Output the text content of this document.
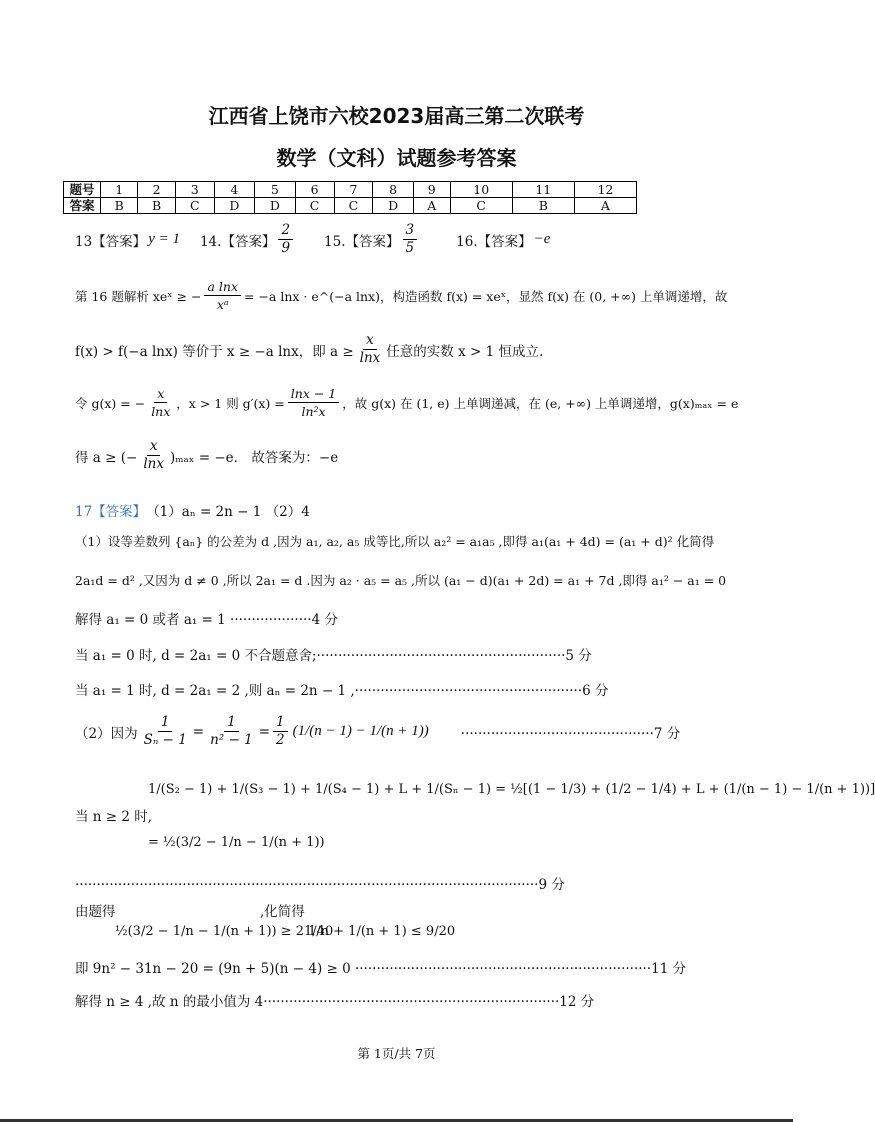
江西省上饶市六校2023届高三第二次联考
数学（文科）试题参考答案
题号	1	2	3	4	5	6	7	8	9	10	11	12
答案	B	B	C	D	D	C	C	D	A	C	B	A
13【答案】 y = 1 14.【答案】 $\frac{2}{9} 15$.【答案】 $\frac{3}{5}$	16.【答案】 −e
第 16 题解析 xeˣ ≥ − $\frac{\text{a lnx}}{\text{xᵃ}} = -a$ lnx · e^(−a lnx)，构造函数 f(x) = xeˣ，显然 f(x) 在 (0, +∞) 上单调递增，故
f(x) > f(−a lnx) 等价于 x ≥ −a lnx，即 $a \ge \frac{x}{\ln x}$ 任意的实数 x > 1 恒成立.
令 g(x) = − $\frac{x}{\ln x}$ ，x > 1 则 $g'(x) = \frac{\ln x - 1}{\text{ln²x}}$ ，故 g(x) 在 (1, e) 上单调递减，在 (e, +∞) 上单调递增，g(x)ₘₐₓ = e
得 a ≥ (− $\frac{x}{\ln x} )_{max} = -e$． 故答案为：−e
17【答案】 （1）aₙ = 2n − 1 （2）4
（1）设等差数列 {aₙ} 的公差为 d ,因为 a₁, a₂, a₅ 成等比,所以 a₂² = a₁a₅ ,即得 a₁(a₁ + 4d) = (a₁ + d)² 化简得
2a₁d = d² ,又因为 d ≠ 0 ,所以 2a₁ = d .因为 a₂ · a₅ = a₅ ,所以 (a₁ − d)(a₁ + 2d) = a₁ + 7d ,即得 a₁² − a₁ = 0
解得 a₁ = 0 或者 a₁ = 1 ···················4 分
当 a₁ = 0 时, d = 2a₁ = 0 不合题意舍;··························································5 分
当 a₁ = 1 时, d = 2a₁ = 2 ,则 aₙ = 2n − 1 ,·····················································6 分
（2）因为 $\frac{1}{\text{Sₙ − 1}} = \frac{1}{\text{n² − 1}} = \frac{1}{2} (1/(n - 1) - 1/(n + 1)) \cdot\cdot\cdot\cdot\cdot\cdot\cdot\cdot\cdot\cdot\cdot\cdot\cdot\cdot\cdot\cdot\cdot\cdot\cdot\cdot\cdot\cdot\cdot\cdot\cdot\cdot\cdot\cdot\cdot\cdot\cdot\cdot\cdot\cdot\cdot\cdot\cdot\cdot\cdot\cdot\cdot\cdot\cdot\cdot\cdot 7$ 分
当 n ≥ 2 时,
1/(S₂ − 1) + 1/(S₃ − 1) + 1/(S₄ − 1) + L + 1/(Sₙ − 1) = ½[(1 − 1/3) + (1/2 − 1/4) + L + (1/(n − 1) − 1/(n + 1))]
= ½(3/2 − 1/n − 1/(n + 1))
············································································································9 分
由题得
½(3/2 − 1/n − 1/(n + 1)) ≥ 21/40
,化简得
1/n + 1/(n + 1) ≤ 9/20
即 9n² − 31n − 20 = (9n + 5)(n − 4) ≥ 0 ·····································································11 分
解得 n ≥ 4 ,故 n 的最小值为 4·····································································12 分
第 1页/共 7页
